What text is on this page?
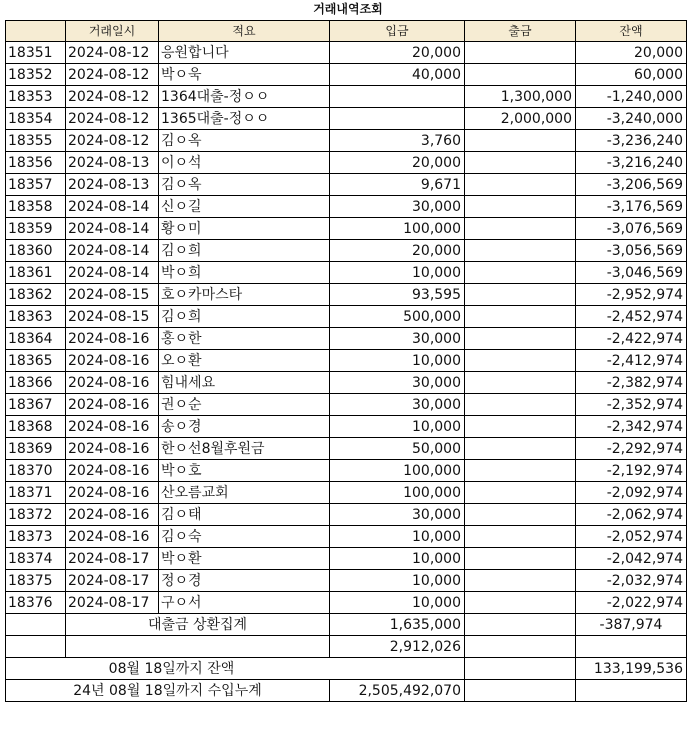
거래내역조회
	거래일시	적요	입금	출금	잔액
18351	2024-08-12	응원합니다	20,000		20,000
18352	2024-08-12	박ㅇ욱	40,000		60,000
18353	2024-08-12	1364대출-정ㅇㅇ		1,300,000	-1,240,000
18354	2024-08-12	1365대출-정ㅇㅇ		2,000,000	-3,240,000
18355	2024-08-12	김ㅇ옥	3,760		-3,236,240
18356	2024-08-13	이ㅇ석	20,000		-3,216,240
18357	2024-08-13	김ㅇ옥	9,671		-3,206,569
18358	2024-08-14	신ㅇ길	30,000		-3,176,569
18359	2024-08-14	황ㅇ미	100,000		-3,076,569
18360	2024-08-14	김ㅇ희	20,000		-3,056,569
18361	2024-08-14	박ㅇ희	10,000		-3,046,569
18362	2024-08-15	호ㅇ카마스타	93,595		-2,952,974
18363	2024-08-15	김ㅇ희	500,000		-2,452,974
18364	2024-08-16	홍ㅇ한	30,000		-2,422,974
18365	2024-08-16	오ㅇ환	10,000		-2,412,974
18366	2024-08-16	힘내세요	30,000		-2,382,974
18367	2024-08-16	권ㅇ순	30,000		-2,352,974
18368	2024-08-16	송ㅇ경	10,000		-2,342,974
18369	2024-08-16	한ㅇ선8월후원금	50,000		-2,292,974
18370	2024-08-16	박ㅇ호	100,000		-2,192,974
18371	2024-08-16	산오름교회	100,000		-2,092,974
18372	2024-08-16	김ㅇ태	30,000		-2,062,974
18373	2024-08-16	김ㅇ숙	10,000		-2,052,974
18374	2024-08-17	박ㅇ환	10,000		-2,042,974
18375	2024-08-17	정ㅇ경	10,000		-2,032,974
18376	2024-08-17	구ㅇ서	10,000		-2,022,974
	대출금 상환집계		1,635,000		-387,974
			2,912,026		
08월 18일까지 잔액					133,199,536
24년 08월 18일까지 수입누계			2,505,492,070		
